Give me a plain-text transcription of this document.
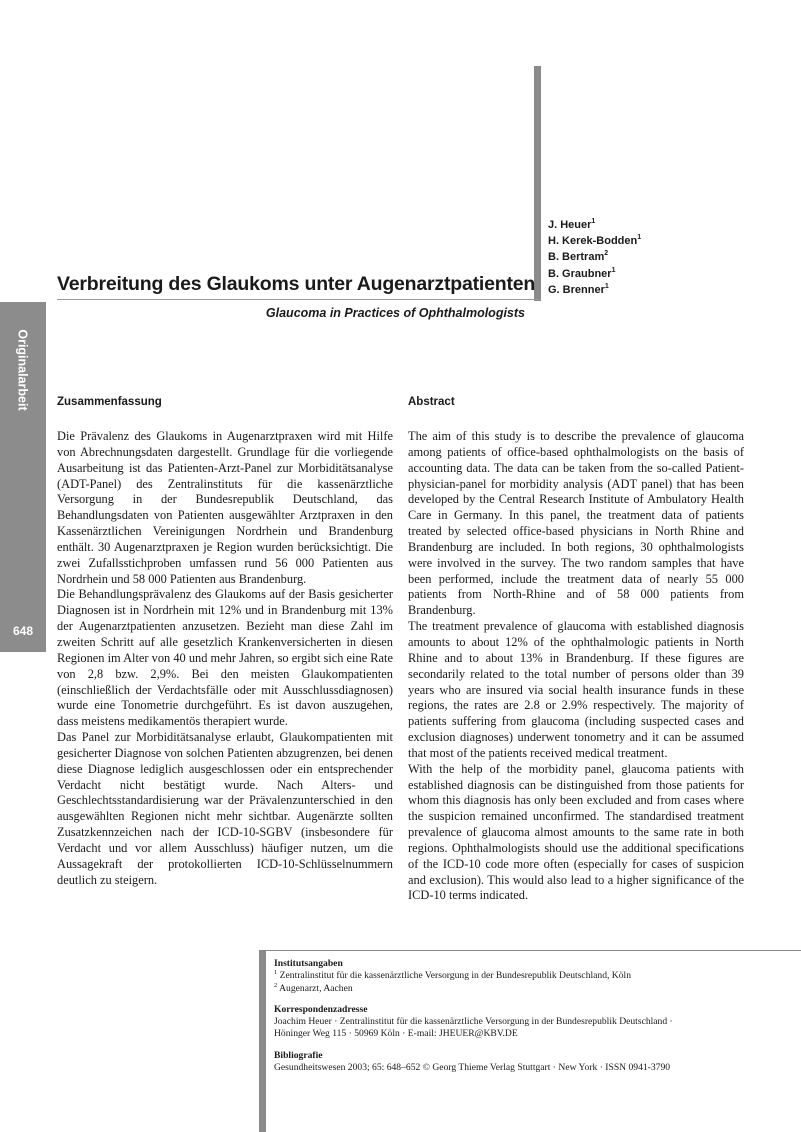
J. Heuer$^1$
H. Kerek-Bodden$^1$
B. Bertram$^2$
B. Graubner$^1$
G. Brenner$^1$
Verbreitung des Glaukoms unter Augenarztpatienten
Glaucoma in Practices of Ophthalmologists
Originalarbeit
648
Zusammenfassung

Die Prävalenz des Glaukoms in Augenarztpraxen wird mit Hilfe von Abrechnungsdaten dargestellt. Grundlage für die vorliegende Ausarbeitung ist das Patienten-Arzt-Panel zur Morbiditätsanalyse (ADT-Panel) des Zentralinstituts für die kassenärztliche Versorgung in der Bundesrepublik Deutschland, das Behandlungsdaten von Patienten ausgewählter Arztpraxen in den Kassenärztlichen Vereinigungen Nordrhein und Brandenburg enthält. 30 Augenarztpraxen je Region wurden berücksichtigt. Die zwei Zufallsstichproben umfassen rund 56 000 Patienten aus Nordrhein und 58 000 Patienten aus Brandenburg.

Die Behandlungsprävalenz des Glaukoms auf der Basis gesicherter Diagnosen ist in Nordrhein mit 12% und in Brandenburg mit 13% der Augenarztpatienten anzusetzen. Bezieht man diese Zahl im zweiten Schritt auf alle gesetzlich Krankenversicherten in diesen Regionen im Alter von 40 und mehr Jahren, so ergibt sich eine Rate von 2,8 bzw. 2,9%. Bei den meisten Glaukompatienten (einschließlich der Verdachtsfälle oder mit Ausschlussdiagnosen) wurde eine Tonometrie durchgeführt. Es ist davon auszugehen, dass meistens medikamentös therapiert wurde.

Das Panel zur Morbiditätsanalyse erlaubt, Glaukompatienten mit gesicherter Diagnose von solchen Patienten abzugrenzen, bei denen diese Diagnose lediglich ausgeschlossen oder ein entsprechender Verdacht nicht bestätigt wurde. Nach Alters- und Geschlechtsstandardisierung war der Prävalenzunterschied in den ausgewählten Regionen nicht mehr sichtbar. Augenärzte sollten Zusatzkennzeichen nach der ICD-10-SGBV (insbesondere für Verdacht und vor allem Ausschluss) häufiger nutzen, um die Aussagekraft der protokollierten ICD-10-Schlüsselnummern deutlich zu steigern.

Abstract

The aim of this study is to describe the prevalence of glaucoma among patients of office-based ophthalmologists on the basis of accounting data. The data can be taken from the so-called Patient-physician-panel for morbidity analysis (ADT panel) that has been developed by the Central Research Institute of Ambulatory Health Care in Germany. In this panel, the treatment data of patients treated by selected office-based physicians in North Rhine and Brandenburg are included. In both regions, 30 ophthalmologists were involved in the survey. The two random samples that have been performed, include the treatment data of nearly 55 000 patients from North-Rhine and of 58 000 patients from Brandenburg.

The treatment prevalence of glaucoma with established diagnosis amounts to about 12% of the ophthalmologic patients in North Rhine and to about 13% in Brandenburg. If these figures are secondarily related to the total number of persons older than 39 years who are insured via social health insurance funds in these regions, the rates are 2.8 or 2.9% respectively. The majority of patients suffering from glaucoma (including suspected cases and exclusion diagnoses) underwent tonometry and it can be assumed that most of the patients received medical treatment.

With the help of the morbidity panel, glaucoma patients with established diagnosis can be distinguished from those patients for whom this diagnosis has only been excluded and from cases where the suspicion remained unconfirmed. The standardised treatment prevalence of glaucoma almost amounts to the same rate in both regions. Ophthalmologists should use the additional specifications of the ICD-10 code more often (especially for cases of suspicion and exclusion). This would also lead to a higher significance of the ICD-10 terms indicated.

Institutsangaben
$^1$ Zentralinstitut für die kassenärztliche Versorgung in der Bundesrepublik Deutschland, Köln
$^2$ Augenarzt, Aachen
Korrespondenzadresse
Joachim Heuer · Zentralinstitut für die kassenärztliche Versorgung in der Bundesrepublik Deutschland ·
Höninger Weg 115 · 50969 Köln · E-mail: JHEUER@KBV.DE
Bibliografie
Gesundheitswesen 2003; 65: 648–652 © Georg Thieme Verlag Stuttgart · New York · ISSN 0941-3790
